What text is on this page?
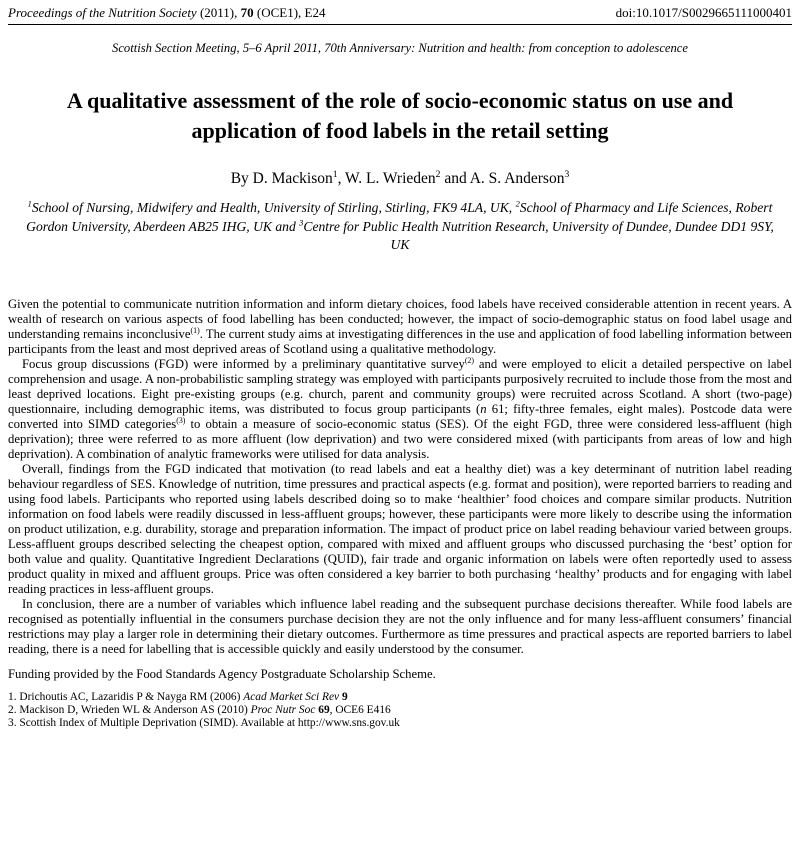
Proceedings of the Nutrition Society (2011), 70 (OCE1), E24	doi:10.1017/S0029665111000401
Scottish Section Meeting, 5–6 April 2011, 70th Anniversary: Nutrition and health: from conception to adolescence
A qualitative assessment of the role of socio-economic status on use and application of food labels in the retail setting
By D. Mackison$^1$, W. L. Wrieden$^2$ and A. S. Anderson$^3$
$^1$School of Nursing, Midwifery and Health, University of Stirling, Stirling, FK9 4LA, UK, $^2$School of Pharmacy and Life Sciences, Robert Gordon University, Aberdeen AB25 IHG, UK and $^3$Centre for Public Health Nutrition Research, University of Dundee, Dundee DD1 9SY, UK

Given the potential to communicate nutrition information and inform dietary choices, food labels have received considerable attention in recent years. A wealth of research on various aspects of food labelling has been conducted; however, the impact of socio-demographic status on food label usage and understanding remains inconclusive$^{(1)}$. The current study aims at investigating differences in the use and application of food labelling information between participants from the least and most deprived areas of Scotland using a qualitative methodology.

Focus group discussions (FGD) were informed by a preliminary quantitative survey$^{(2)}$ and were employed to elicit a detailed perspective on label comprehension and usage. A non-probabilistic sampling strategy was employed with participants purposively recruited to include those from the most and least deprived locations. Eight pre-existing groups (e.g. church, parent and community groups) were recruited across Scotland. A short (two-page) questionnaire, including demographic items, was distributed to focus group participants (n 61; fifty-three females, eight males). Postcode data were converted into SIMD categories$^{(3)}$ to obtain a measure of socio-economic status (SES). Of the eight FGD, three were considered less-affluent (high deprivation); three were referred to as more affluent (low deprivation) and two were considered mixed (with participants from areas of low and high deprivation). A combination of analytic frameworks were utilised for data analysis.

Overall, findings from the FGD indicated that motivation (to read labels and eat a healthy diet) was a key determinant of nutrition label reading behaviour regardless of SES. Knowledge of nutrition, time pressures and practical aspects (e.g. format and position), were reported barriers to reading and using food labels. Participants who reported using labels described doing so to make ‘healthier’ food choices and compare similar products. Nutrition information on food labels were readily discussed in less-affluent groups; however, these participants were more likely to describe using the information on product utilization, e.g. durability, storage and preparation information. The impact of product price on label reading behaviour varied between groups. Less-affluent groups described selecting the cheapest option, compared with mixed and affluent groups who discussed purchasing the ‘best’ option for both value and quality. Quantitative Ingredient Declarations (QUID), fair trade and organic information on labels were often reportedly used to assess product quality in mixed and affluent groups. Price was often considered a key barrier to both purchasing ‘healthy’ products and for engaging with label reading practices in less-affluent groups.

In conclusion, there are a number of variables which influence label reading and the subsequent purchase decisions thereafter. While food labels are recognised as potentially influential in the consumers purchase decision they are not the only influence and for many less-affluent consumers’ financial restrictions may play a larger role in determining their dietary outcomes. Furthermore as time pressures and practical aspects are reported barriers to label reading, there is a need for labelling that is accessible quickly and easily understood by the consumer.

Funding provided by the Food Standards Agency Postgraduate Scholarship Scheme.

1. Drichoutis AC, Lazaridis P & Nayga RM (2006) Acad Market Sci Rev 9
2. Mackison D, Wrieden WL & Anderson AS (2010) Proc Nutr Soc 69, OCE6 E416
3. Scottish Index of Multiple Deprivation (SIMD). Available at http://www.sns.gov.uk
